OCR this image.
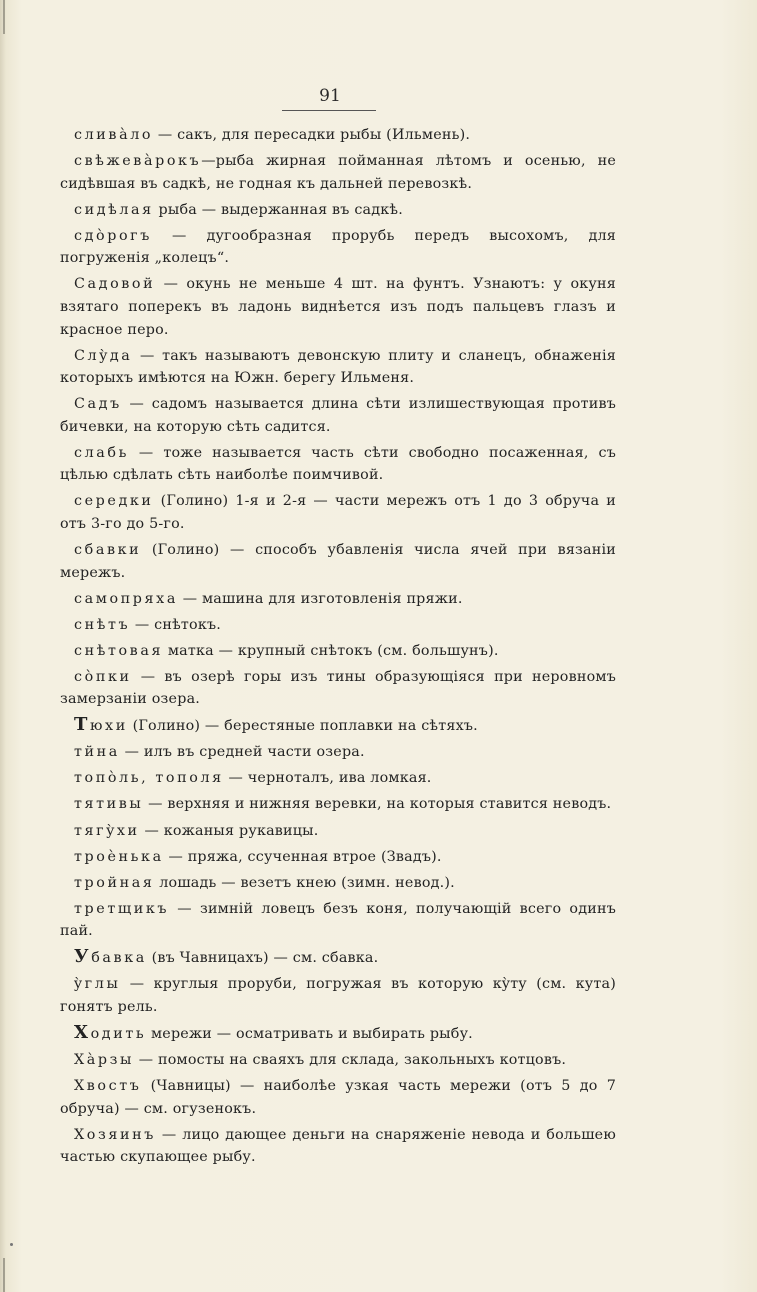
91

сливàло — сакъ, для пересадки рыбы (Ильмень).

свѣжевàрокъ—рыба жирная пойманная лѣтомъ и осенью, не сидѣвшая въ садкѣ, не годная къ дальней перевозкѣ.

сидѣлая рыба — выдержанная въ садкѣ.

сдòрогъ — дугообразная прорубь передъ высохомъ, для погруженія „колецъ“.

Садовой — окунь не меньше 4 шт. на фунтъ. Узнаютъ: у окуня взятаго поперекъ въ ладонь виднѣется изъ подъ пальцевъ глазъ и красное перо.

Слỳда — такъ называютъ девонскую плиту и сланецъ, обнаженія которыхъ имѣются на Южн. берегу Ильменя.

Садъ — садомъ называется длина сѣти излишествующая противъ бичевки, на которую сѣть садится.

слабь — тоже называется часть сѣти свободно посаженная, съ цѣлью сдѣлать сѣть наиболѣе поимчивой.

середки (Голино) 1-я и 2-я — части мережъ отъ 1 до 3 обруча и отъ 3-го до 5-го.

сбавки (Голино) — способъ убавленія числа ячей при вязаніи мережъ.

самопряха — машина для изготовленія пряжи.

снѣтъ — снѣтокъ.

снѣтовая матка — крупный снѣтокъ (см. большунъ).

сòпки — въ озерѣ горы изъ тины образующіяся при неровномъ замерзаніи озера.

Тюхи (Голино) — берестяные поплавки на сѣтяхъ.

тйна — илъ въ средней части озера.

топòль, тополя — черноталъ, ива ломкая.

тятивы — верхняя и нижняя веревки, на которыя ставится неводъ.

тягỳхи — кожаныя рукавицы.

троèнька — пряжа, ссученная втрое (Звадъ).

тройная лошадь — везетъ кнею (зимн. невод.).

третщикъ — зимній ловецъ безъ коня, получающій всего одинъ пай.

Убавка (въ Чавницахъ) — см. сбавка.

ỳглы — круглыя проруби, погружая въ которую кỳту (см. кута) гонятъ рель.

Ходить мережи — осматривать и выбирать рыбу.

Хàрзы — помосты на сваяхъ для склада, закольныхъ котцовъ.

Хвостъ (Чавницы) — наиболѣе узкая часть мережи (отъ 5 до 7 обруча) — см. огузенокъ.

Хозяинъ — лицо дающее деньги на снаряженіе невода и большею частью скупающее рыбу.
